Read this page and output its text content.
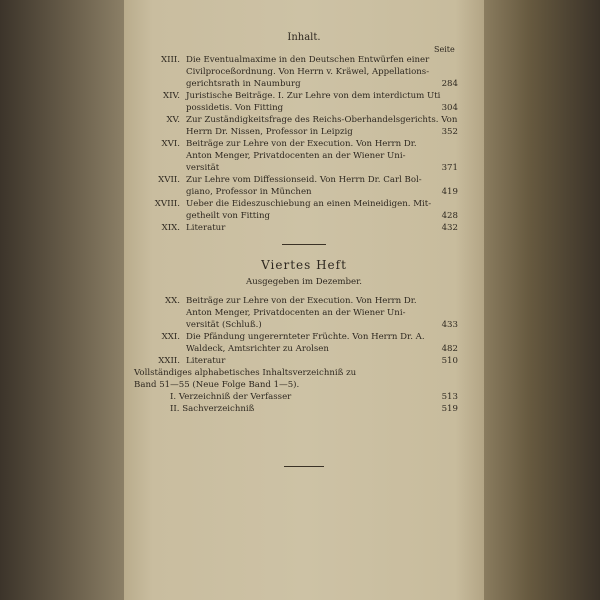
Inhalt.
Seite
XIII. Die Eventualmaxime in den Deutschen Entwürfen einer
Civilproceßordnung. Von Herrn v. Kräwel, Appellations-
gerichtsrath in Naumburg	284
XIV. Juristische Beiträge. I. Zur Lehre von dem interdictum Uti
possidetis. Von Fitting	304
XV. Zur Zuständigkeitsfrage des Reichs-Oberhandelsgerichts. Von
Herrn Dr. Nissen, Professor in Leipzig	352
XVI. Beiträge zur Lehre von der Execution. Von Herrn Dr.
Anton Menger, Privatdocenten an der Wiener Uni-
versität	371
XVII. Zur Lehre vom Diffessionseid. Von Herrn Dr. Carl Bol-
giano, Professor in München	419
XVIII. Ueber die Eideszuschiebung an einen Meineidigen. Mit-
getheilt von Fitting	428
XIX. Literatur	432
Viertes Heft
Ausgegeben im Dezember.
XX. Beiträge zur Lehre von der Execution. Von Herrn Dr.
Anton Menger, Privatdocenten an der Wiener Uni-
versität (Schluß.)	433
XXI. Die Pfändung ungerernteter Früchte. Von Herrn Dr. A.
Waldeck, Amtsrichter zu Arolsen	482
XXII. Literatur	510
Vollständiges alphabetisches Inhaltsverzeichniß zu
Band 51—55 (Neue Folge Band 1—5).
I. Verzeichniß der Verfasser	513
II. Sachverzeichniß	519
